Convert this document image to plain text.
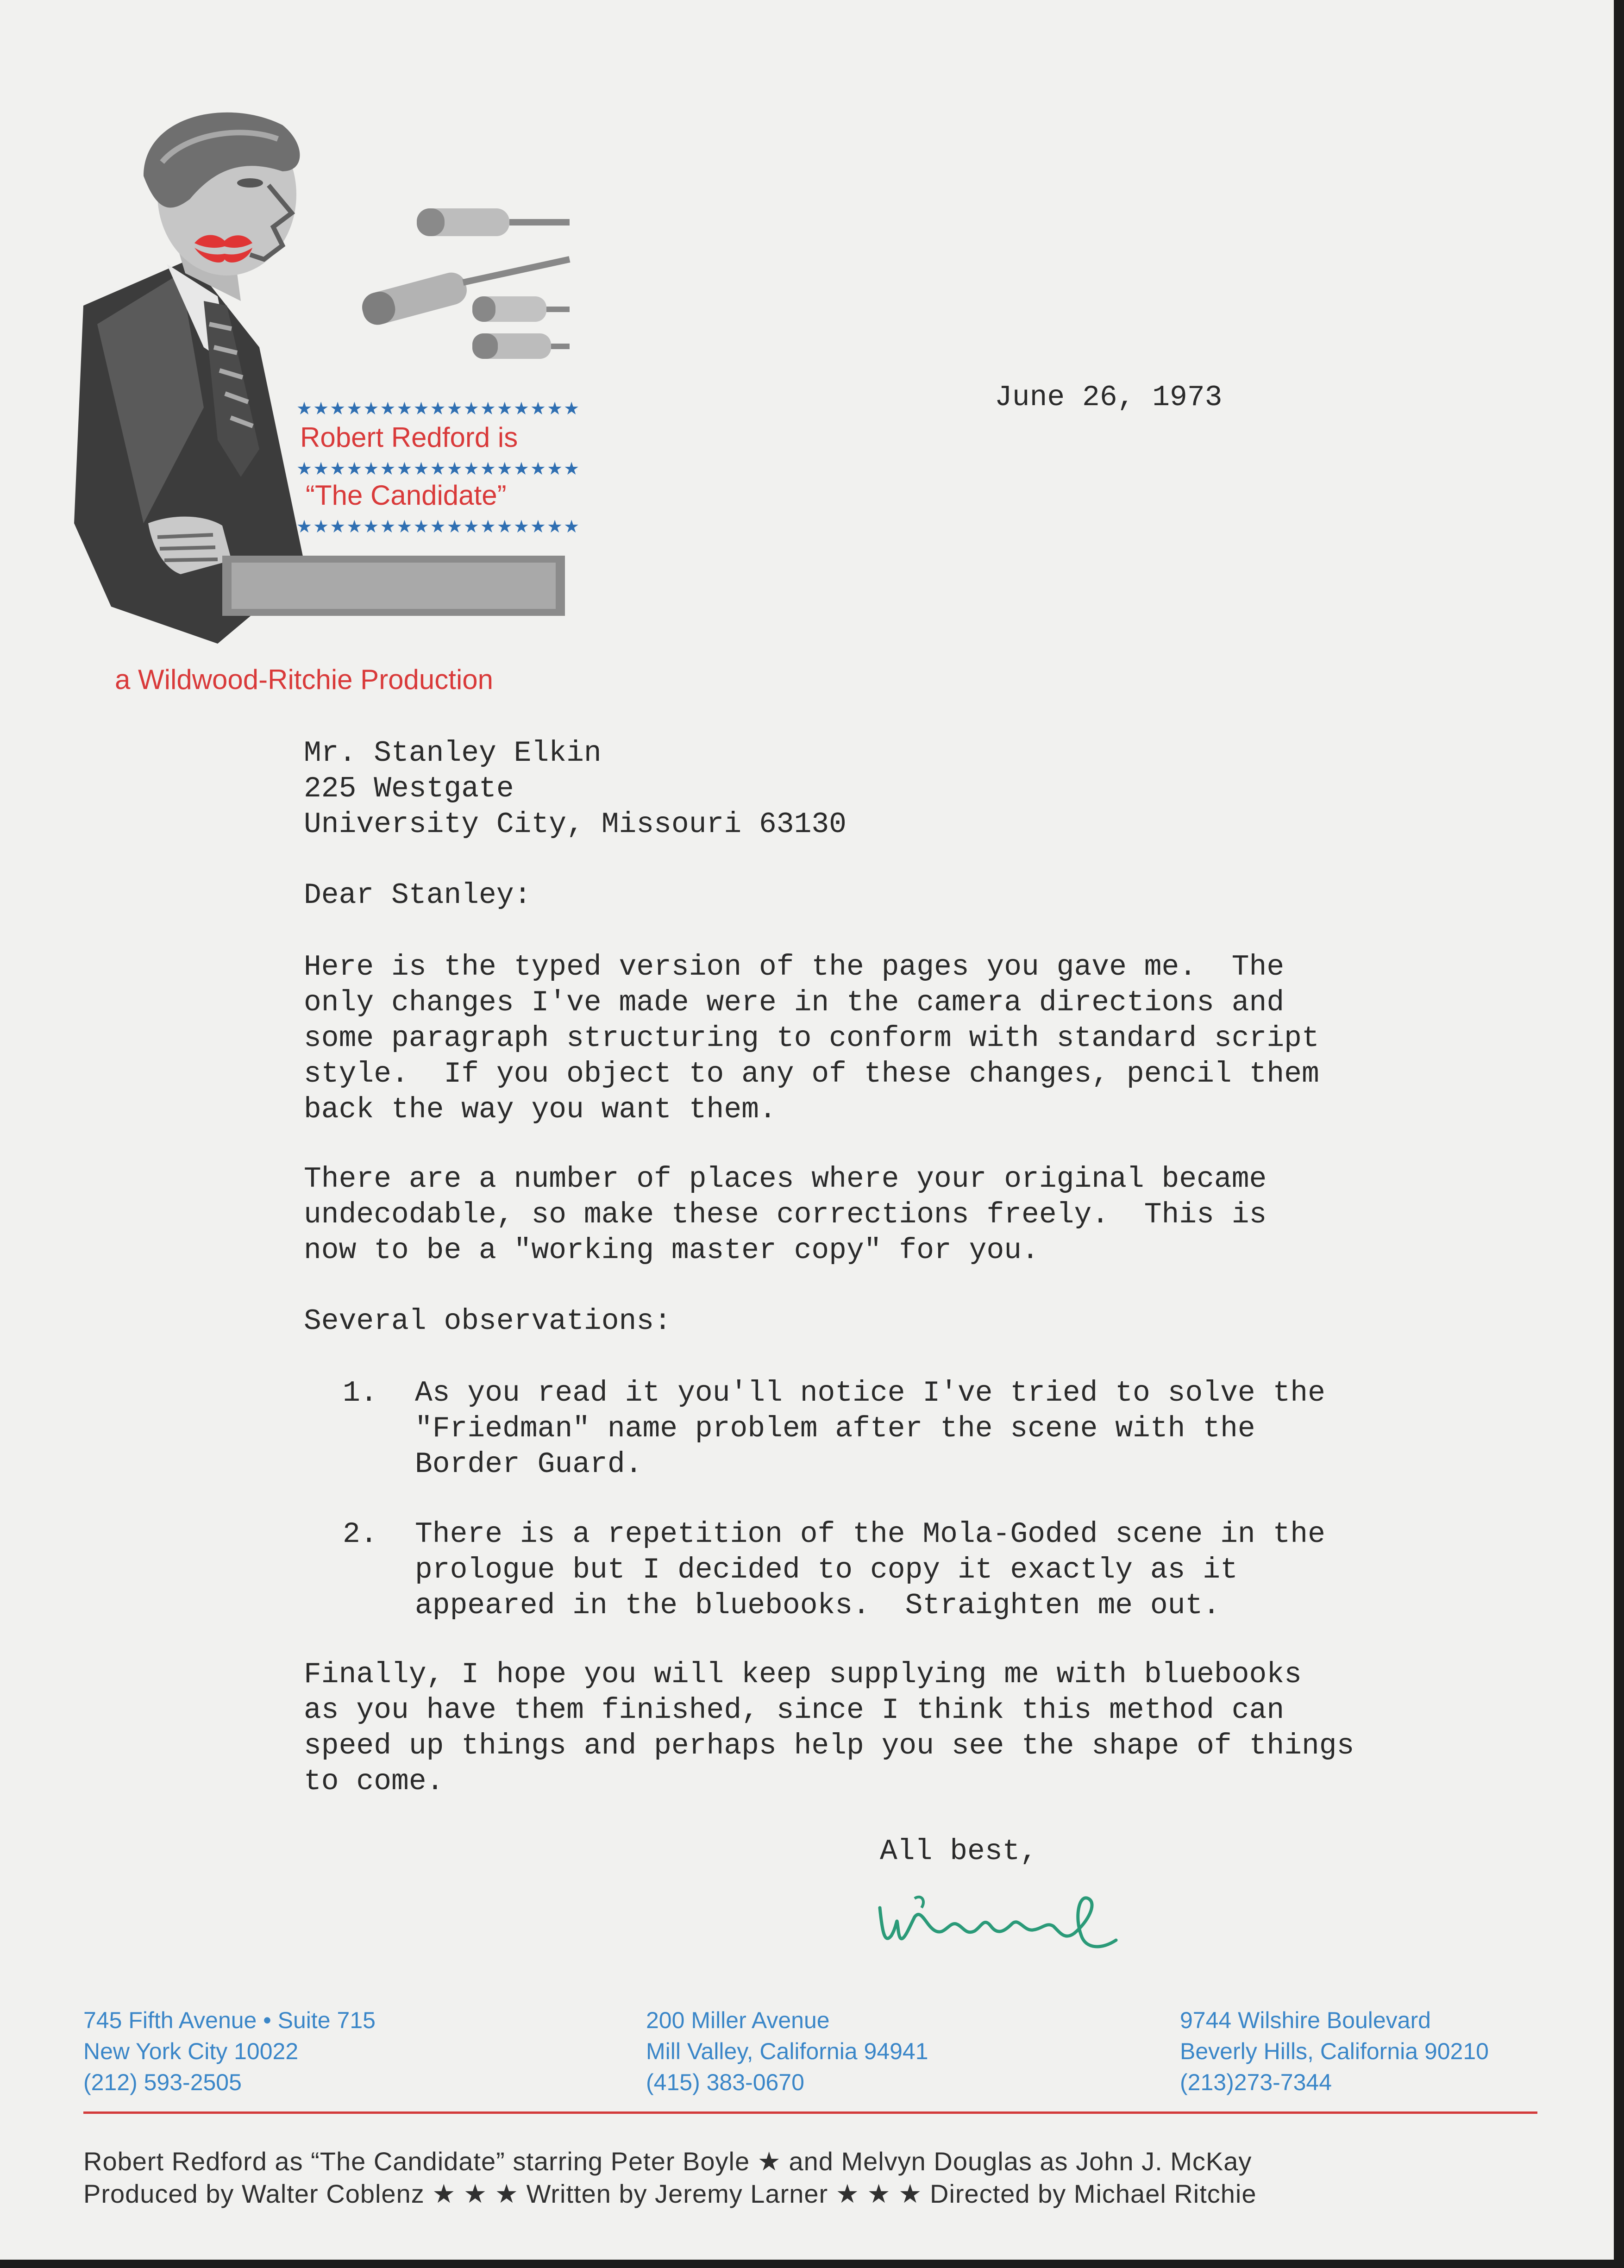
★★★★★★★★★★★★★★★★★
Robert Redford is
★★★★★★★★★★★★★★★★★
“The Candidate”
★★★★★★★★★★★★★★★★★
a Wildwood-Ritchie Production
June 26, 1973
Mr. Stanley Elkin
225 Westgate
University City, Missouri 63130
Dear Stanley:
Here is the typed version of the pages you gave me.  The
only changes I've made were in the camera directions and
some paragraph structuring to conform with standard script
style.  If you object to any of these changes, pencil them
back the way you want them.
There are a number of places where your original became
undecodable, so make these corrections freely.  This is
now to be a "working master copy" for you.
Several observations:
1. As you read it you'll notice I've tried to solve the
"Friedman" name problem after the scene with the
Border Guard.
2. There is a repetition of the Mola-Goded scene in the
prologue but I decided to copy it exactly as it
appeared in the bluebooks.  Straighten me out.
Finally, I hope you will keep supplying me with bluebooks
as you have them finished, since I think this method can
speed up things and perhaps help you see the shape of things
to come.
All best,
745 Fifth Avenue • Suite 715
New York City 10022
(212) 593-2505
200 Miller Avenue
Mill Valley, California 94941
(415) 383-0670
9744 Wilshire Boulevard
Beverly Hills, California 90210
(213)273-7344
Robert Redford as “The Candidate” starring Peter Boyle ★ and Melvyn Douglas as John J. McKay
Produced by Walter Coblenz ★ ★ ★ Written by Jeremy Larner ★ ★ ★ Directed by Michael Ritchie
